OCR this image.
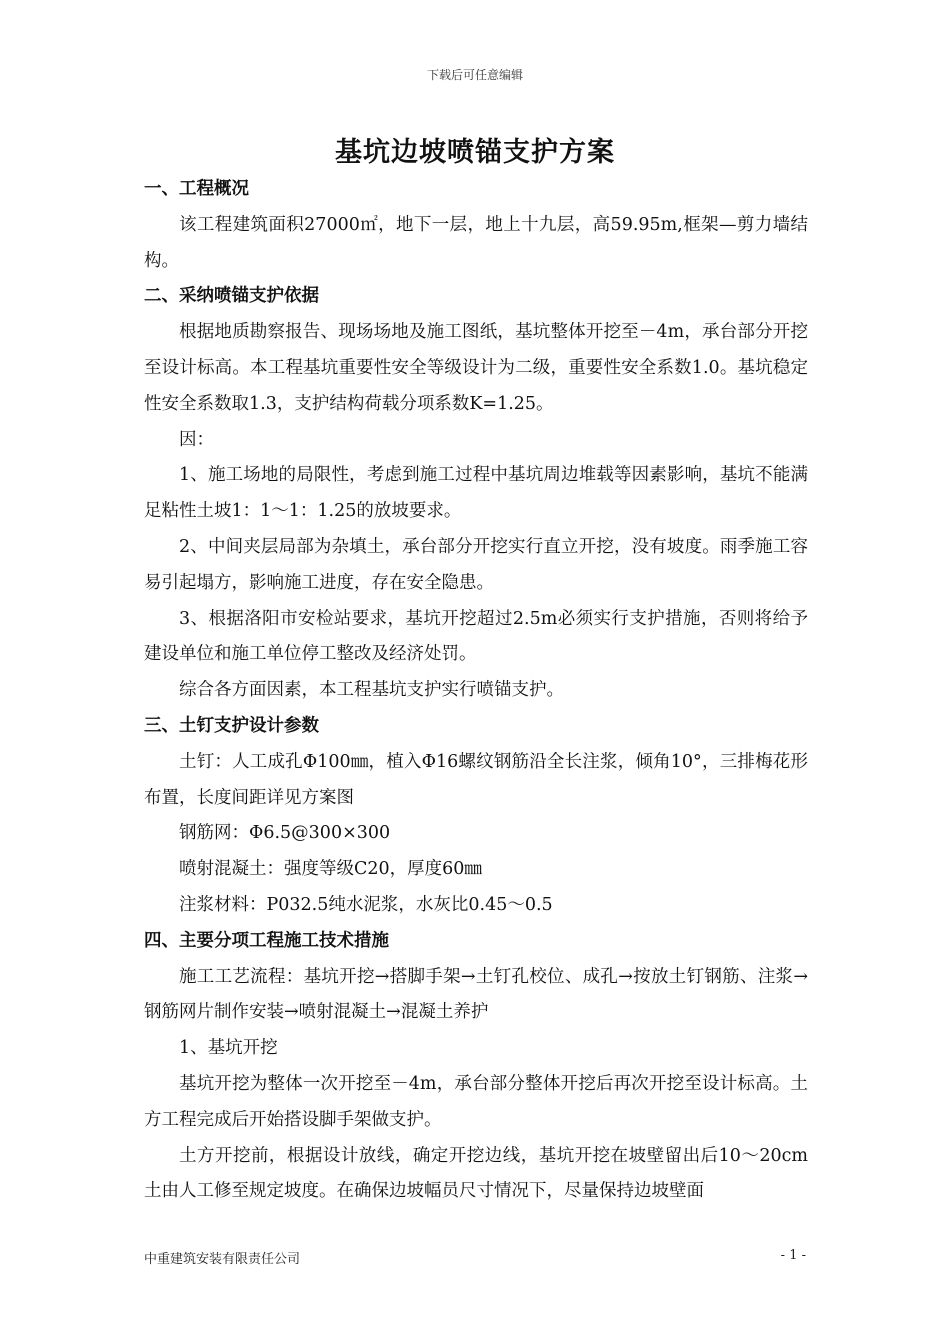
下载后可任意编辑
基坑边坡喷锚支护方案
一、工程概况

该工程建筑面积27000㎡，地下一层，地上十九层，高59.95m,框架—剪力墙结构。

二、采纳喷锚支护依据

根据地质勘察报告、现场场地及施工图纸，基坑整体开挖至－4m，承台部分开挖至设计标高。本工程基坑重要性安全等级设计为二级，重要性安全系数1.0。基坑稳定性安全系数取1.3，支护结构荷载分项系数K=1.25。

因：

1、施工场地的局限性，考虑到施工过程中基坑周边堆载等因素影响，基坑不能满足粘性土坡1：1～1：1.25的放坡要求。

2、中间夹层局部为杂填土，承台部分开挖实行直立开挖，没有坡度。雨季施工容易引起塌方，影响施工进度，存在安全隐患。

3、根据洛阳市安检站要求，基坑开挖超过2.5m必须实行支护措施，否则将给予建设单位和施工单位停工整改及经济处罚。

综合各方面因素，本工程基坑支护实行喷锚支护。

三、土钉支护设计参数

土钉：人工成孔Φ100㎜，植入Φ16螺纹钢筋沿全长注浆，倾角10°，三排梅花形布置，长度间距详见方案图

钢筋网：Φ6.5@300×300

喷射混凝土：强度等级C20，厚度60㎜

注浆材料：P032.5纯水泥浆，水灰比0.45～0.5

四、主要分项工程施工技术措施

施工工艺流程：基坑开挖→搭脚手架→土钉孔校位、成孔→按放土钉钢筋、注浆→钢筋网片制作安装→喷射混凝土→混凝土养护

1、基坑开挖

基坑开挖为整体一次开挖至－4m，承台部分整体开挖后再次开挖至设计标高。土方工程完成后开始搭设脚手架做支护。

土方开挖前，根据设计放线，确定开挖边线，基坑开挖在坡壁留出后10～20cm土由人工修至规定坡度。在确保边坡幅员尺寸情况下，尽量保持边坡壁面

中重建筑安装有限责任公司	- 1 -
